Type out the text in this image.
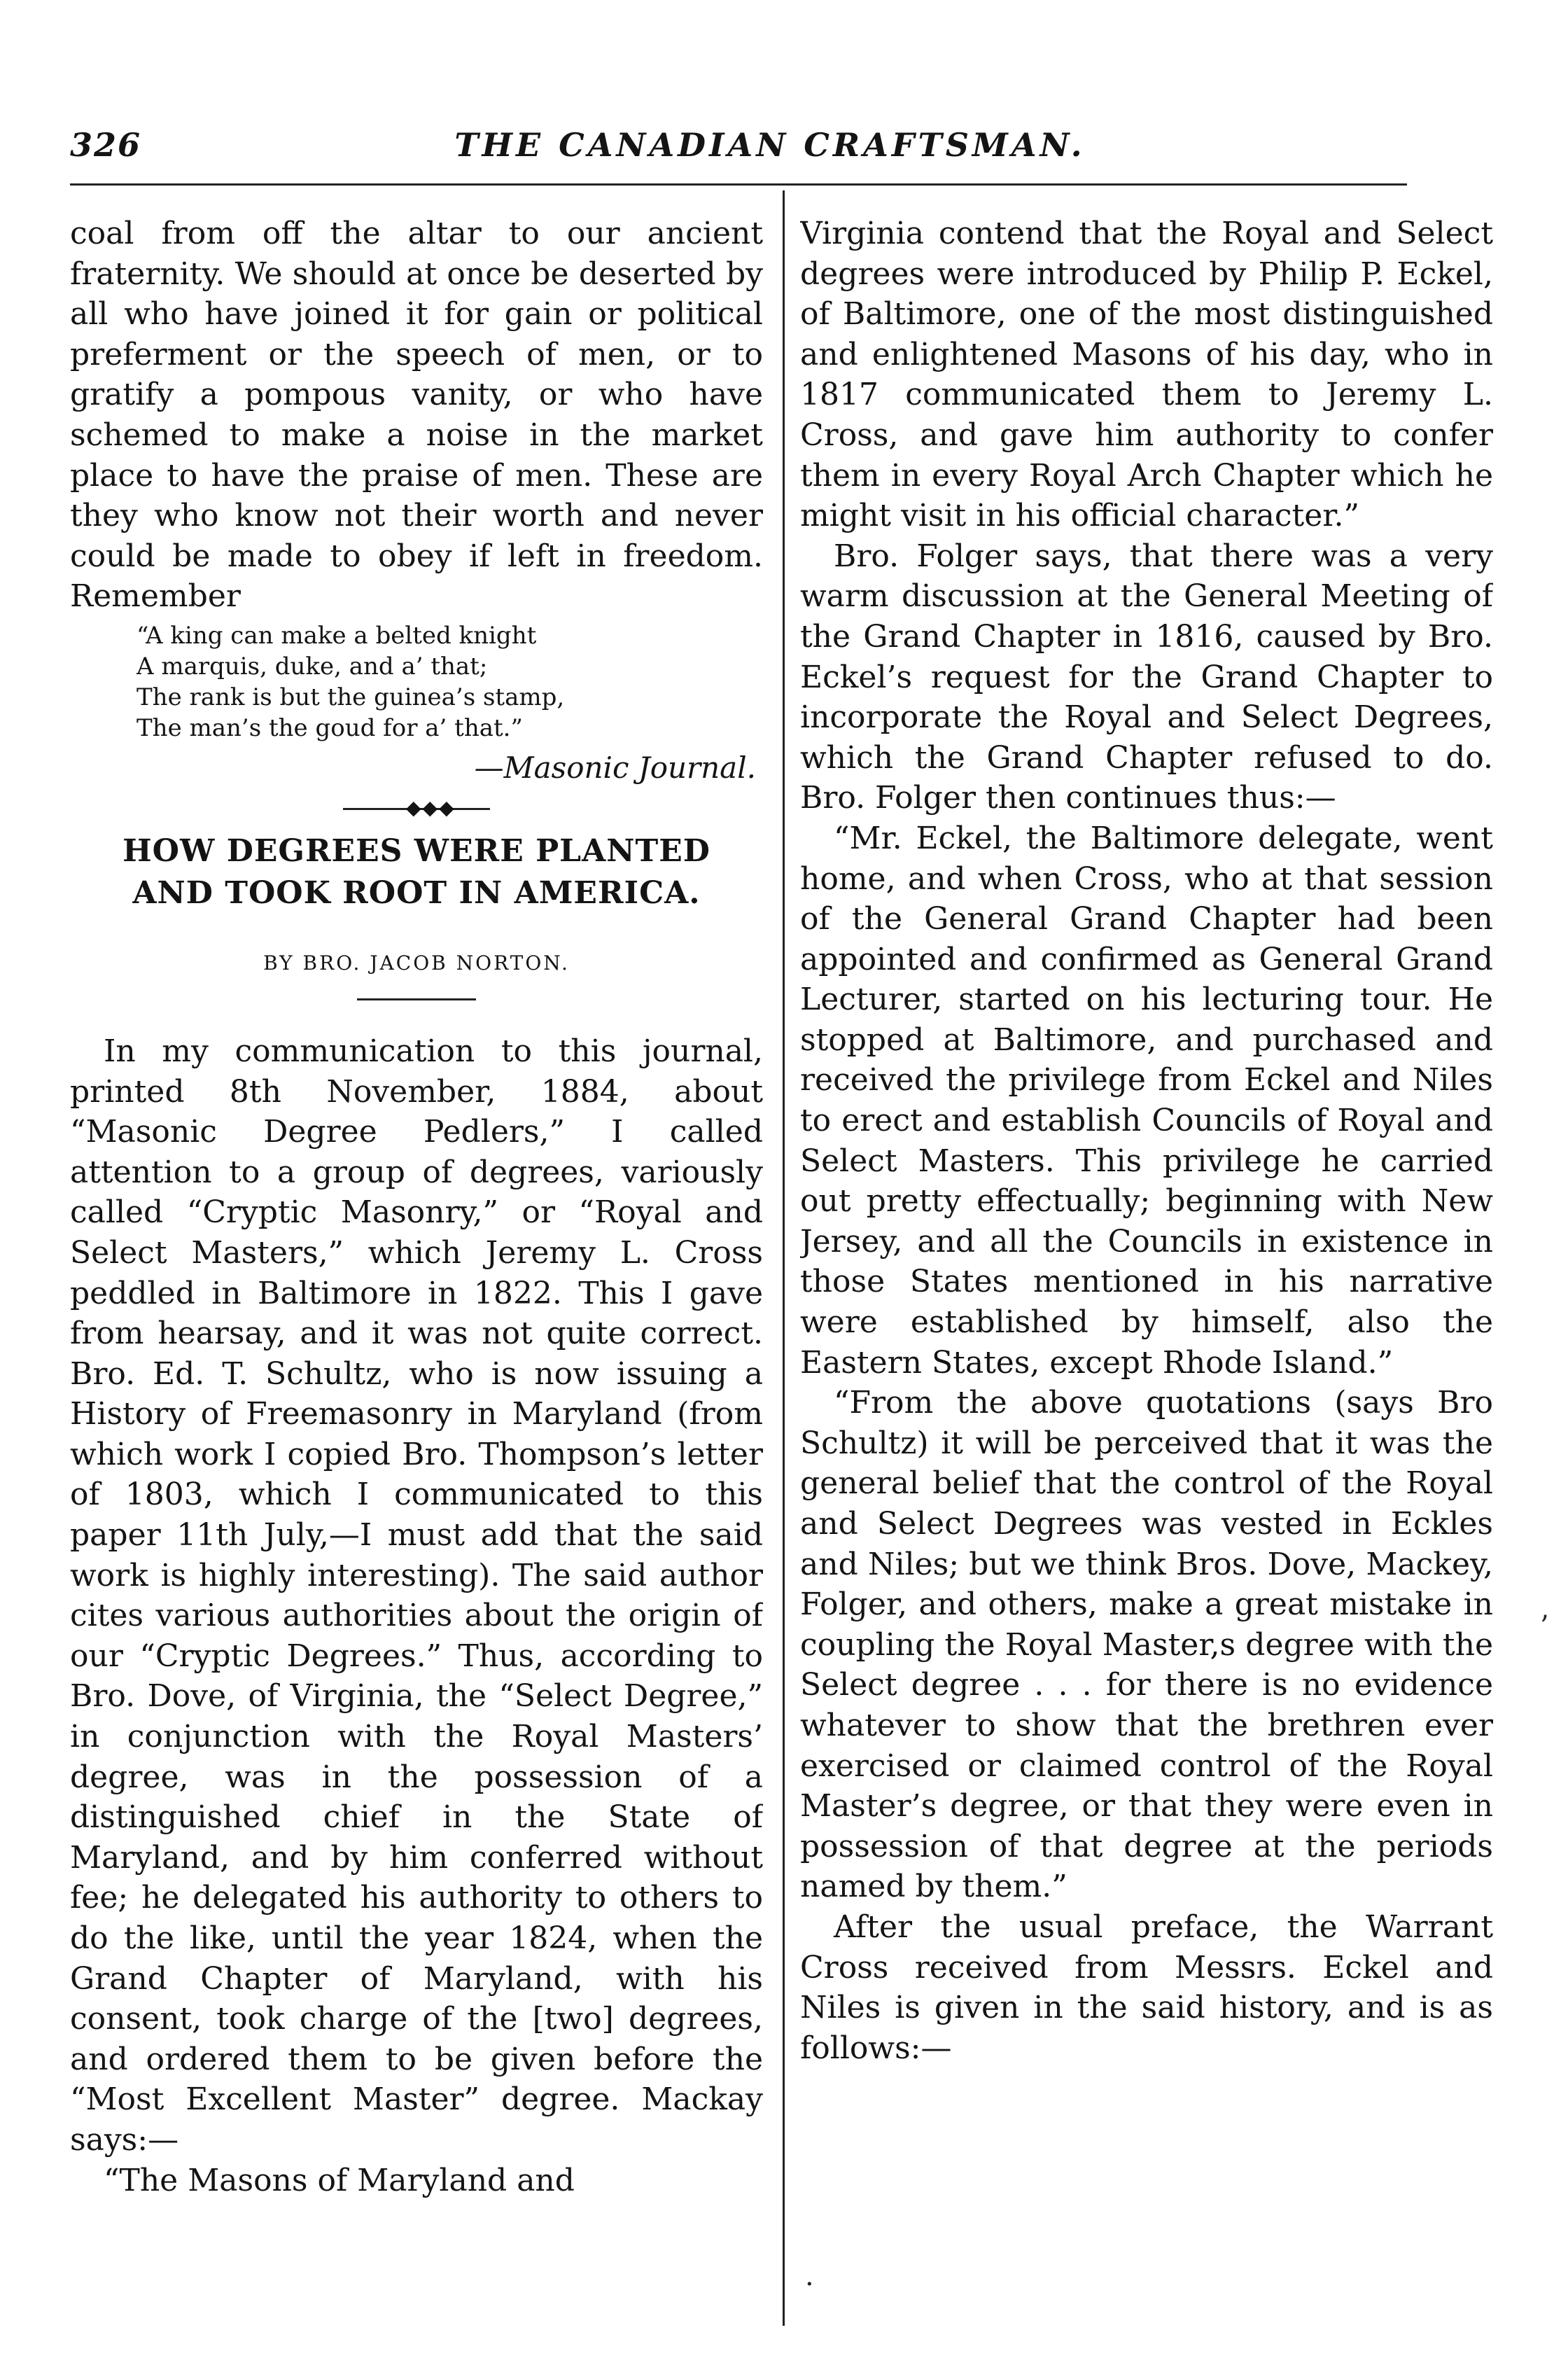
326	THE CANADIAN CRAFTSMAN.

coal from off the altar to our ancient fraternity. We should at once be deserted by all who have joined it for gain or political preferment or the speech of men, or to gratify a pompous vanity, or who have schemed to make a noise in the market place to have the praise of men. These are they who know not their worth and never could be made to obey if left in freedom. Remember

“A king can make a belted knight
A marquis, duke, and a’ that;
The rank is but the guinea’s stamp,
The man’s the goud for a’ that.”
—Masonic Journal.
◆◆◆
HOW DEGREES WERE PLANTED
AND TOOK ROOT IN AMERICA.
BY BRO. JACOB NORTON.

In my communication to this journal, printed 8th November, 1884, about “Masonic Degree Pedlers,” I called attention to a group of degrees, variously called “Cryptic Masonry,” or “Royal and Select Masters,” which Jeremy L. Cross peddled in Baltimore in 1822. This I gave from hearsay, and it was not quite correct. Bro. Ed. T. Schultz, who is now issuing a History of Freemasonry in Maryland (from which work I copied Bro. Thompson’s letter of 1803, which I communicated to this paper 11th July,—I must add that the said work is highly interesting). The said author cites various authorities about the origin of our “Cryptic Degrees.” Thus, according to Bro. Dove, of Virginia, the “Select Degree,” in conjunction with the Royal Masters’ degree, was in the possession of a distinguished chief in the State of Maryland, and by him conferred without fee; he delegated his authority to others to do the like, until the year 1824, when the Grand Chapter of Maryland, with his consent, took charge of the [two] degrees, and ordered them to be given before the “Most Excellent Master” degree. Mackay says:—

“The Masons of Maryland and

Virginia contend that the Royal and Select degrees were introduced by Philip P. Eckel, of Baltimore, one of the most distinguished and enlightened Masons of his day, who in 1817 communicated them to Jeremy L. Cross, and gave him authority to confer them in every Royal Arch Chapter which he might visit in his official character.”

Bro. Folger says, that there was a very warm discussion at the General Meeting of the Grand Chapter in 1816, caused by Bro. Eckel’s request for the Grand Chapter to incorporate the Royal and Select Degrees, which the Grand Chapter refused to do. Bro. Folger then continues thus:—

“Mr. Eckel, the Baltimore delegate, went home, and when Cross, who at that session of the General Grand Chapter had been appointed and confirmed as General Grand Lecturer, started on his lecturing tour. He stopped at Baltimore, and purchased and received the privilege from Eckel and Niles to erect and establish Councils of Royal and Select Masters. This privilege he carried out pretty effectually; beginning with New Jersey, and all the Councils in existence in those States mentioned in his narrative were established by himself, also the Eastern States, except Rhode Island.”

“From the above quotations (says Bro Schultz) it will be perceived that it was the general belief that the control of the Royal and Select Degrees was vested in Eckles and Niles; but we think Bros. Dove, Mackey, Folger, and others, make a great mistake in coupling the Royal Master,s degree with the Select degree . . . for there is no evidence whatever to show that the brethren ever exercised or claimed control of the Royal Master’s degree, or that they were even in possession of that degree at the periods named by them.”

After the usual preface, the Warrant Cross received from Messrs. Eckel and Niles is given in the said history, and is as follows:—

’
·
